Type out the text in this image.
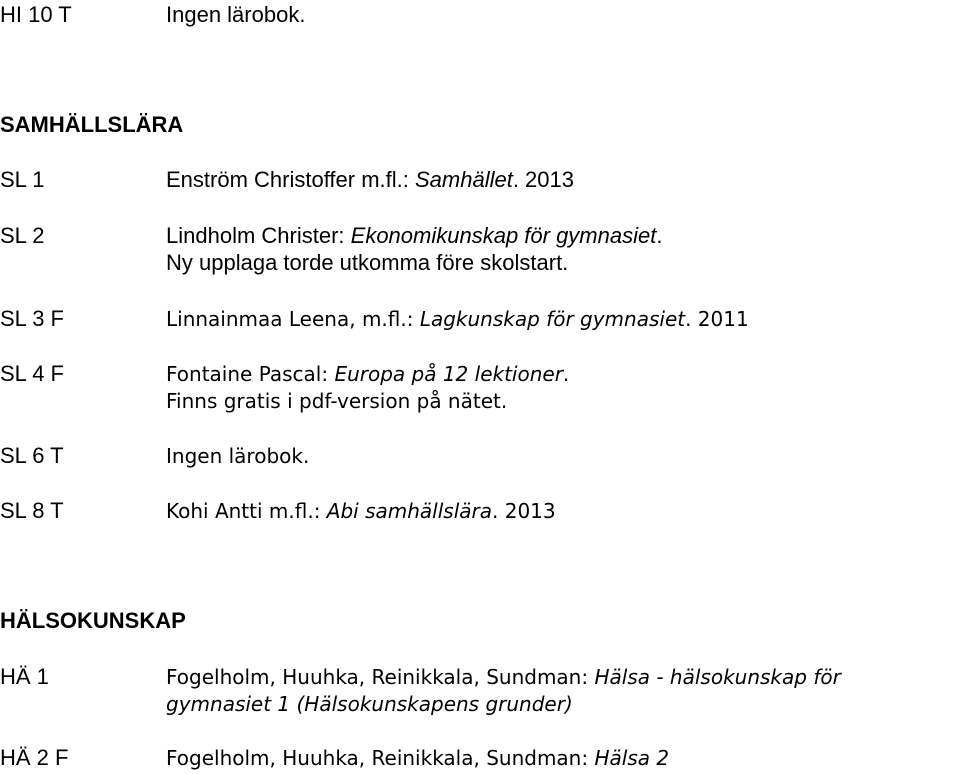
HI 10 T	Ingen lärobok.
SAMHÄLLSLÄRA
SL 1	Enström Christoffer m.fl.: Samhället. 2013
SL 2	Lindholm Christer: Ekonomikunskap för gymnasiet.
Ny upplaga torde utkomma före skolstart.
SL 3 F	Linnainmaa Leena, m.fl.: Lagkunskap för gymnasiet. 2011
SL 4 F	Fontaine Pascal: Europa på 12 lektioner.
Finns gratis i pdf-version på nätet.
SL 6 T	Ingen lärobok.
SL 8 T	Kohi Antti m.fl.: Abi samhällslära. 2013
HÄLSOKUNSKAP
HÄ 1	Fogelholm, Huuhka, Reinikkala, Sundman: Hälsa - hälsokunskap för
gymnasiet 1 (Hälsokunskapens grunder)
HÄ 2 F	Fogelholm, Huuhka, Reinikkala, Sundman: Hälsa 2
